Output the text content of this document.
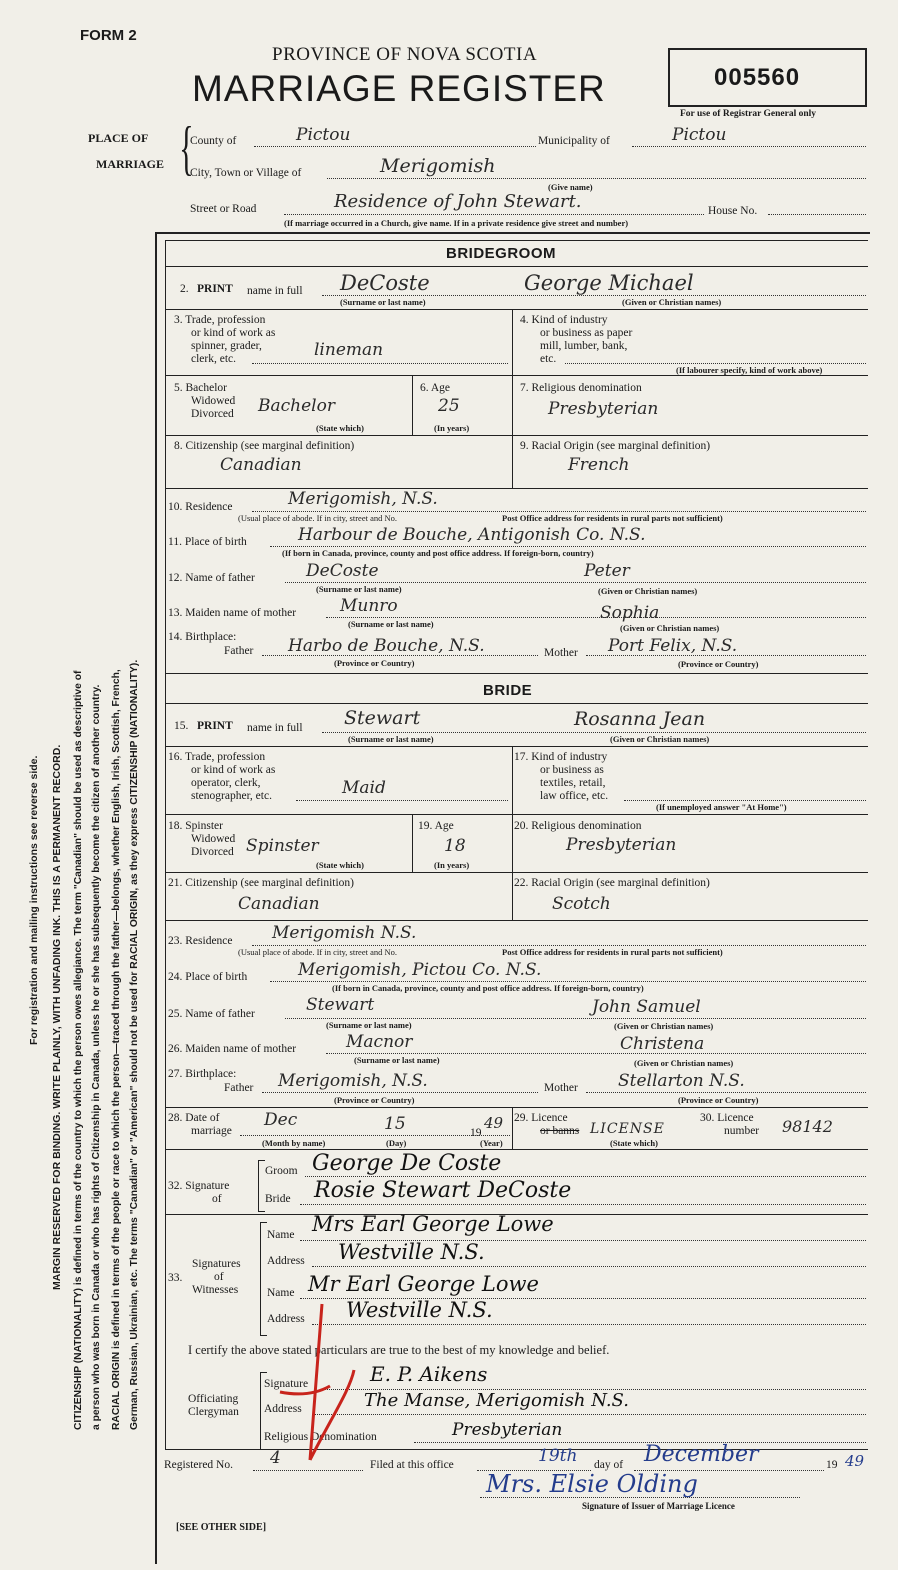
FORM 2
PROVINCE OF NOVA SCOTIA
MARRIAGE REGISTER	005560
For use of Registrar General only
PLACE OF
MARRIAGE {
County of	Pictou	Municipality of	Pictou
City, Town or Village of	Merigomish
(Give name)
Street or Road	Residence of John Stewart.	House No.
(If marriage occurred in a Church, give name. If in a private residence give street and number)
For registration and mailing instructions see reverse side. MARGIN RESERVED FOR BINDING. WRITE PLAINLY, WITH UNFADING INK. THIS IS A PERMANENT RECORD. CITIZENSHIP (NATIONALITY) is defined in terms of the country to which the person owes allegiance. The term "Canadian" should be used as descriptive of a person who was born in Canada or who has rights of Citizenship in Canada, unless he or she has subsequently become the citizen of another country. RACIAL ORIGIN is defined in terms of the people or race to which the person—traced through the father—belongs, whether English, Irish, Scottish, French, German, Russian, Ukrainian, etc. The terms "Canadian" or "American" should not be used for RACIAL ORIGIN, as they express CITIZENSHIP (NATIONALITY).
BRIDEGROOM
2. PRINT name in full DeCoste	George Michael
(Surname or last name)	(Given or Christian names)
3. Trade, profession
or kind of work as
spinner, grader,
clerk, etc.	lineman
4. Kind of industry
or business as paper
mill, lumber, bank,
etc.
(If labourer specify, kind of work above)
5. Bachelor
Widowed
Divorced Bachelor
(State which)
6. Age
25
(In years)
7. Religious denomination
Presbyterian
8. Citizenship (see marginal definition)
Canadian
9. Racial Origin (see marginal definition)
French
10. Residence	Merigomish, N.S.
(Usual place of abode. If in city, street and No.	Post Office address for residents in rural parts not sufficient)
11. Place of birth	Harbour de Bouche, Antigonish Co. N.S.
(If born in Canada, province, county and post office address. If foreign-born, country)
12. Name of father	DeCoste	Peter
(Surname or last name)	(Given or Christian names)
13. Maiden name of mother	Munro	Sophia
(Surname or last name)	(Given or Christian names)
14. Birthplace:
Father Harbo de Bouche, N.S.	Mother Port Felix, N.S.
(Province or Country)	(Province or Country)
BRIDE
15. PRINT name in full Stewart	Rosanna Jean
(Surname or last name)	(Given or Christian names)
16. Trade, profession
or kind of work as
operator, clerk,
stenographer, etc.	Maid
17. Kind of industry
or business as
textiles, retail,
law office, etc.
(If unemployed answer "At Home")
18. Spinster
Widowed
Divorced Spinster
(State which)
19. Age
18
(In years)
20. Religious denomination
Presbyterian
21. Citizenship (see marginal definition)
Canadian
22. Racial Origin (see marginal definition)
Scotch
23. Residence Merigomish N.S.
(Usual place of abode. If in city, street and No.	Post Office address for residents in rural parts not sufficient)
24. Place of birth	Merigomish, Pictou Co. N.S.
(If born in Canada, province, county and post office address. If foreign-born, country)
25. Name of father	Stewart	John Samuel
(Surname or last name)	(Given or Christian names)
26. Maiden name of mother	Macnor	Christena
(Surname or last name)	(Given or Christian names)
27. Birthplace:
Father Merigomish, N.S.	Mother Stellarton N.S.
(Province or Country)	(Province or Country)
28. Date of
marriage
Dec	15	19
49
(Month by name)	(Day)	(Year)
29. Licence
or banns LICENSE
(State which)
30. Licence
number 98142
32. Signature
of
Groom George De Coste
Bride Rosie Stewart DeCoste
33.
Signatures
of
Witnesses
Name Mrs Earl George Lowe
Address Westville N.S.
Name Mr Earl George Lowe
Address Westville N.S.
I certify the above stated particulars are true to the best of my knowledge and belief.
Officiating
Clergyman
Signature	E. P. Aikens
Address	The Manse, Merigomish N.S.
Religious Denomination	Presbyterian
Registered No. 4	Filed at this office	19th day of December	19 49
Mrs. Elsie Olding
Signature of Issuer of Marriage Licence
[SEE OTHER SIDE]
